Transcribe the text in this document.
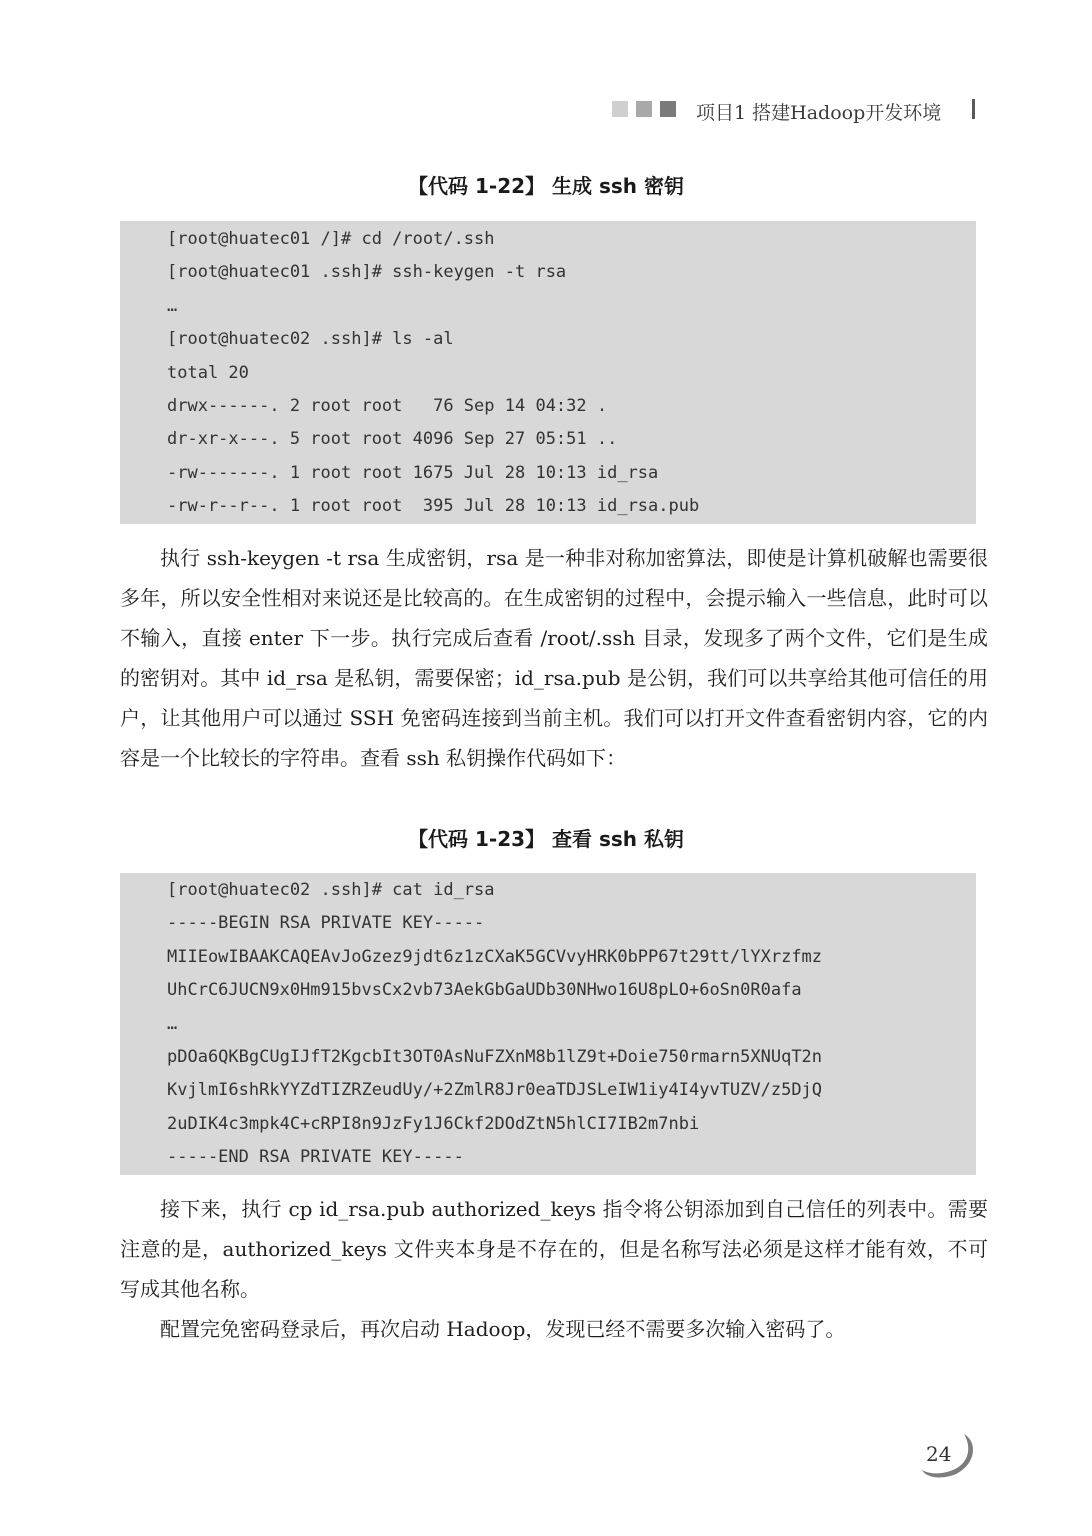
项目1 搭建Hadoop开发环境
【代码 1-22】 生成 ssh 密钥
[root@huatec01 /]# cd /root/.ssh
[root@huatec01 .ssh]# ssh-keygen -t rsa
…
[root@huatec02 .ssh]# ls -al
total 20
drwx------. 2 root root   76 Sep 14 04:32 .
dr-xr-x---. 5 root root 4096 Sep 27 05:51 ..
-rw-------. 1 root root 1675 Jul 28 10:13 id_rsa
-rw-r--r--. 1 root root  395 Jul 28 10:13 id_rsa.pub

执行 ssh-keygen -t rsa 生成密钥，rsa 是一种非对称加密算法，即使是计算机破解也需要很多年，所以安全性相对来说还是比较高的。在生成密钥的过程中，会提示输入一些信息，此时可以不输入，直接 enter 下一步。执行完成后查看 /root/.ssh 目录，发现多了两个文件，它们是生成的密钥对。其中 id_rsa 是私钥，需要保密；id_rsa.pub 是公钥，我们可以共享给其他可信任的用户，让其他用户可以通过 SSH 免密码连接到当前主机。我们可以打开文件查看密钥内容，它的内容是一个比较长的字符串。查看 ssh 私钥操作代码如下：

【代码 1-23】 查看 ssh 私钥
[root@huatec02 .ssh]# cat id_rsa
-----BEGIN RSA PRIVATE KEY-----
MIIEowIBAAKCAQEAvJoGzez9jdt6z1zCXaK5GCVvyHRK0bPP67t29tt/lYXrzfmz
UhCrC6JUCN9x0Hm915bvsCx2vb73AekGbGaUDb30NHwo16U8pLO+6oSn0R0afa
…
pDOa6QKBgCUgIJfT2KgcbIt3OT0AsNuFZXnM8b1lZ9t+Doie750rmarn5XNUqT2n
KvjlmI6shRkYYZdTIZRZeudUy/+2ZmlR8Jr0eaTDJSLeIW1iy4I4yvTUZV/z5DjQ
2uDIK4c3mpk4C+cRPI8n9JzFy1J6Ckf2DOdZtN5hlCI7IB2m7nbi
-----END RSA PRIVATE KEY-----

接下来，执行 cp id_rsa.pub authorized_keys 指令将公钥添加到自己信任的列表中。需要注意的是，authorized_keys 文件夹本身是不存在的，但是名称写法必须是这样才能有效，不可写成其他名称。

配置完免密码登录后，再次启动 Hadoop，发现已经不需要多次输入密码了。

24
